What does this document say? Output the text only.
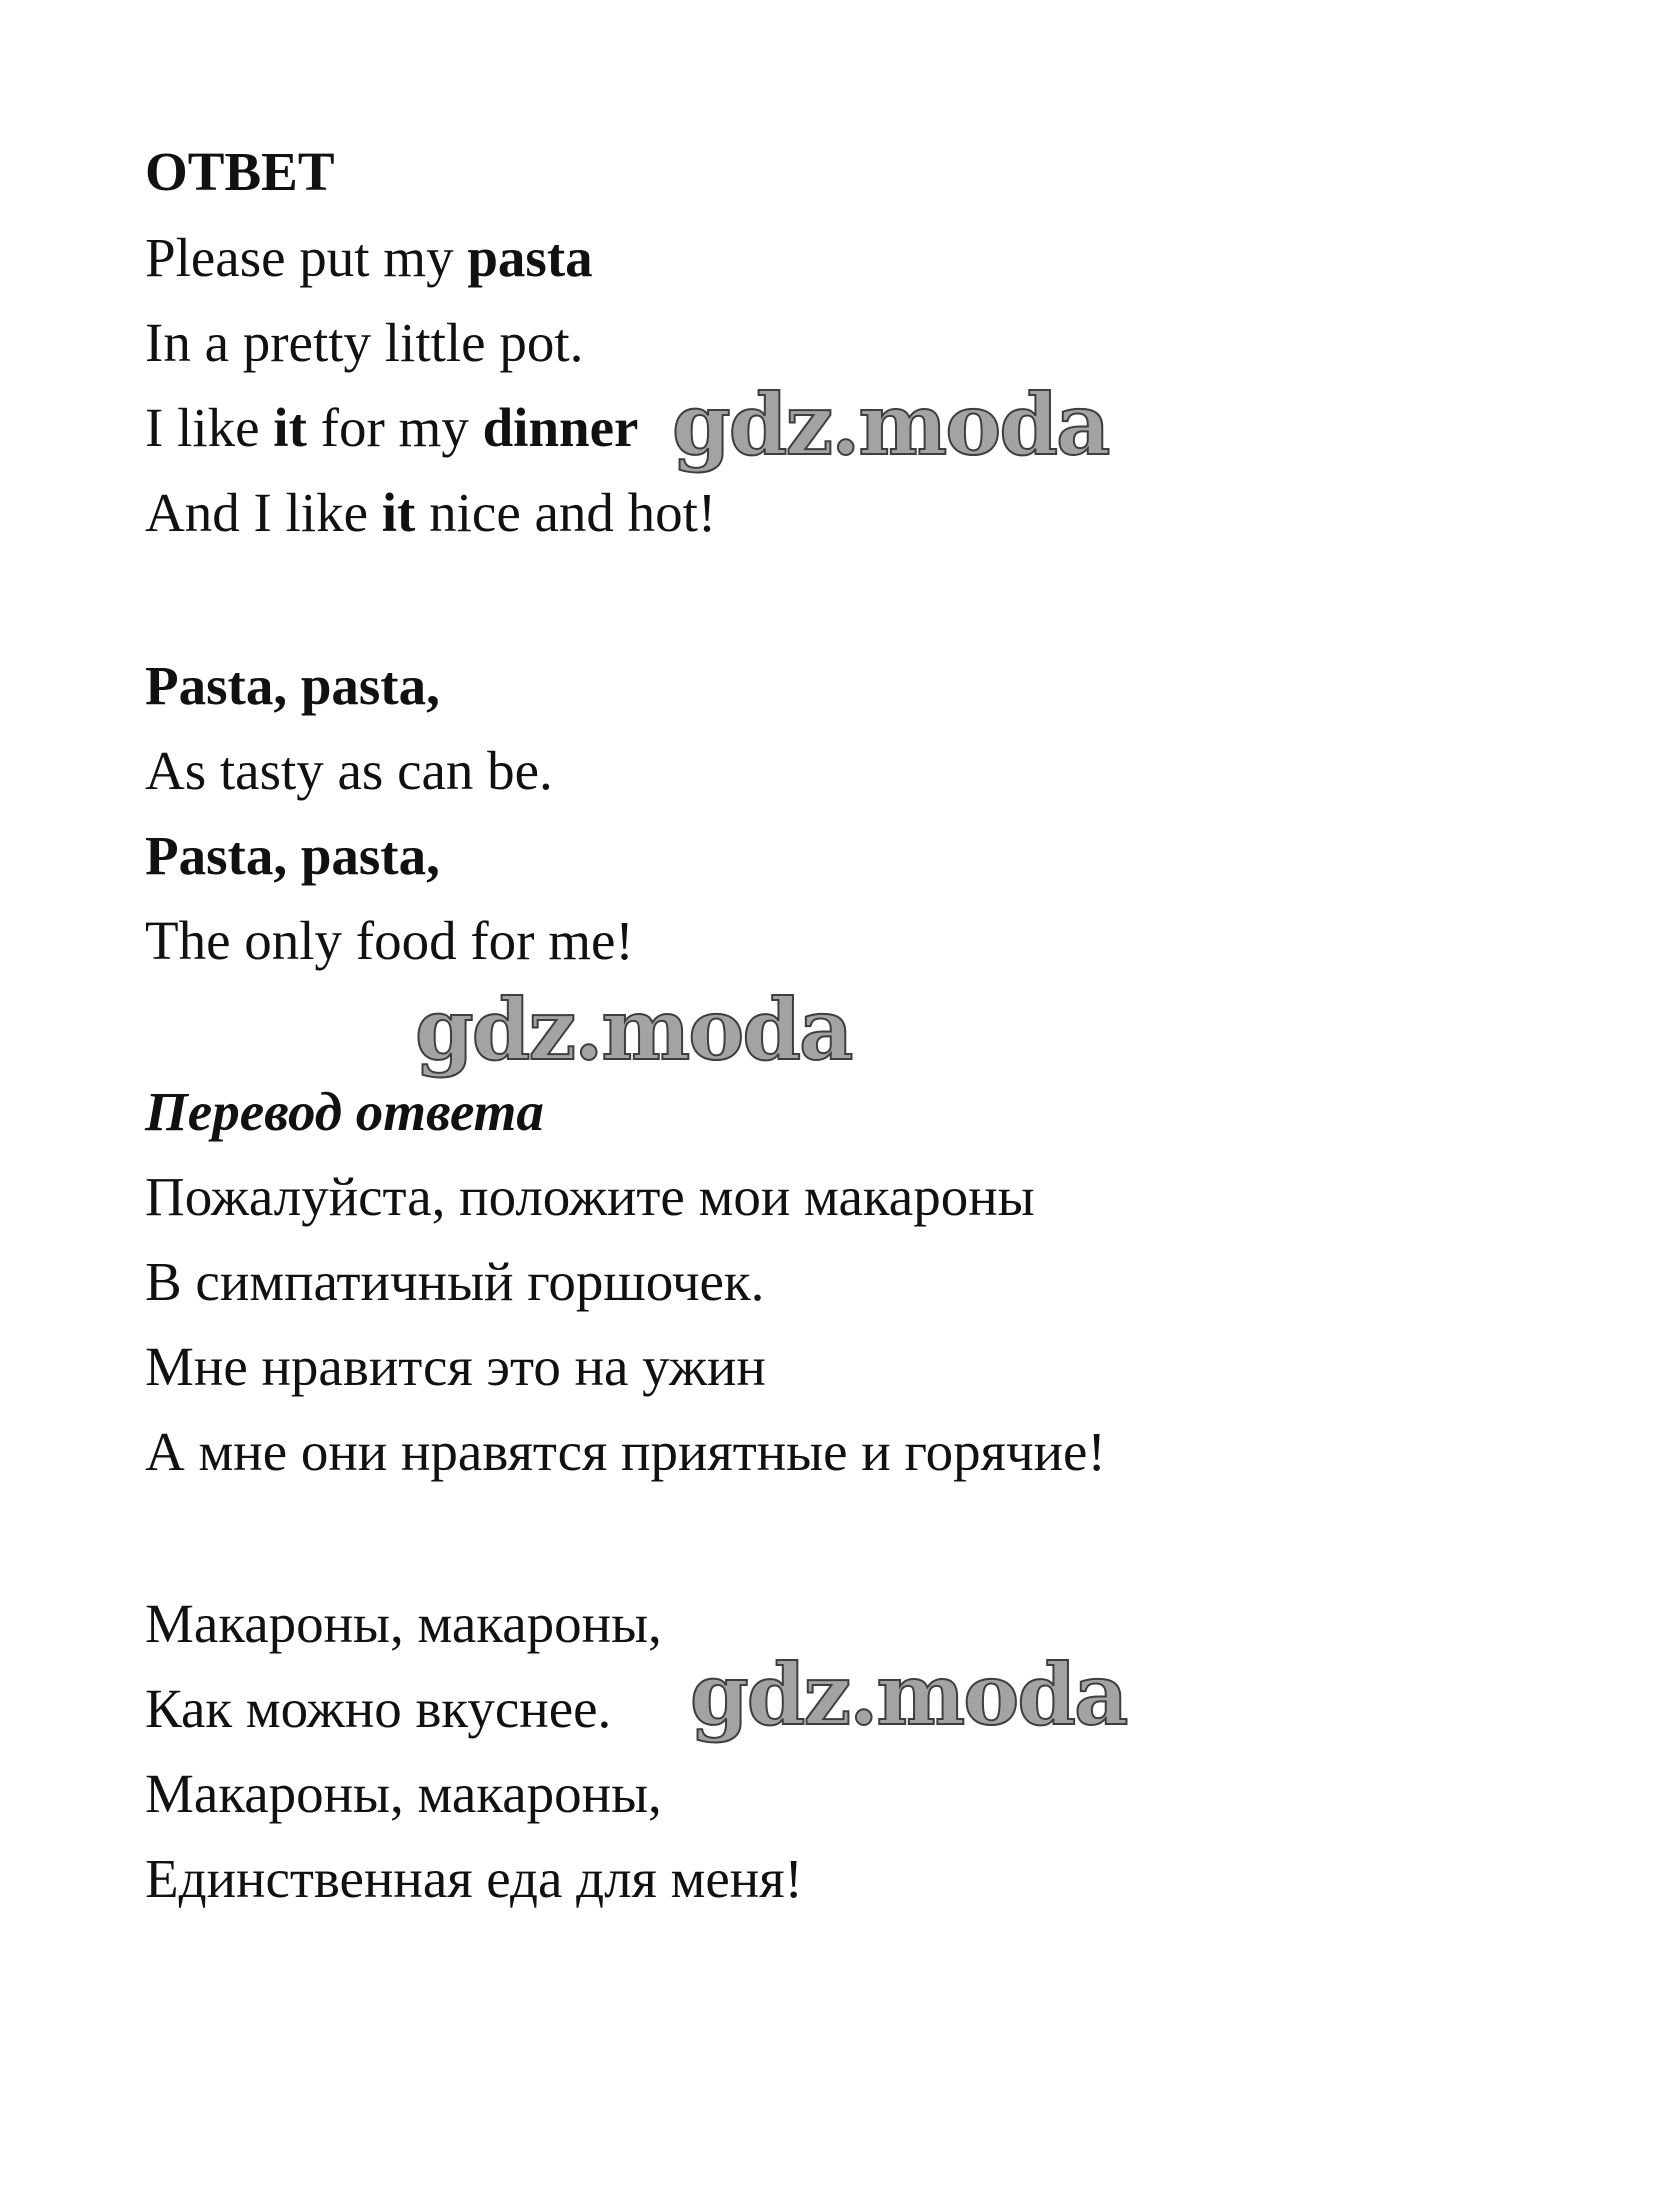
ОТВЕТ
Please put my pasta
In a pretty little pot.
I like it for my dinner
And I like it nice and hot!
Pasta, pasta,
As tasty as can be.
Pasta, pasta,
The only food for me!
Перевод ответа
Пожалуйста, положите мои макароны
В симпатичный горшочек.
Мне нравится это на ужин
А мне они нравятся приятные и горячие!
Макароны, макароны,
Как можно вкуснее.
Макароны, макароны,
Единственная еда для меня!
gdz.moda
gdz.moda
gdz.moda
